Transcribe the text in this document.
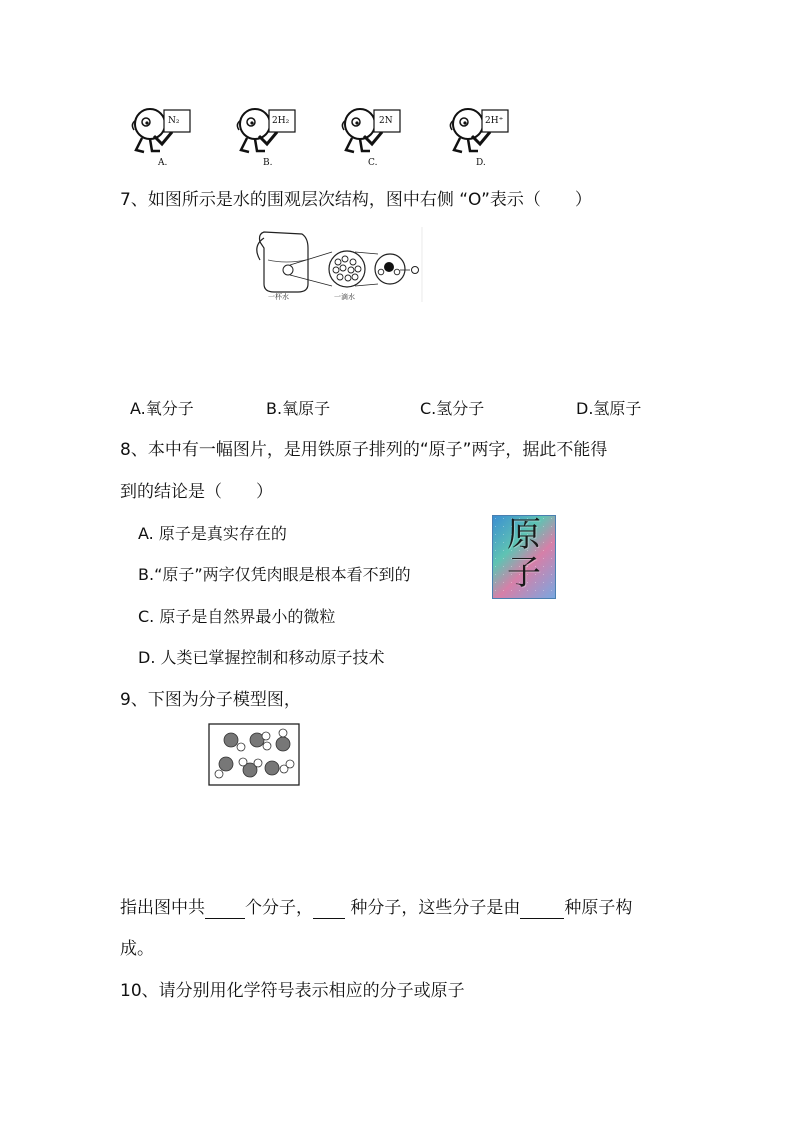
N₂
A.
2H₂
B.
2N
C.
2H⁺
D.
7、如图所示是水的围观层次结构，图中右侧 “O”表示（　　）
一杯水	一滴水
A.氧分子	B.氧原子	C.氢分子	D.氢原子
8、本中有一幅图片，是用铁原子排列的“原子”两字，据此不能得
到的结论是（　　）
A. 原子是真实存在的
B.“原子”两字仅凭肉眼是根本看不到的
C. 原子是自然界最小的微粒
D. 人类已掌握控制和移动原子技术
原
子
9、下图为分子模型图，
指出图中共 个分子， 种分子，这些分子是由	种原子构
成。
10、请分别用化学符号表示相应的分子或原子
